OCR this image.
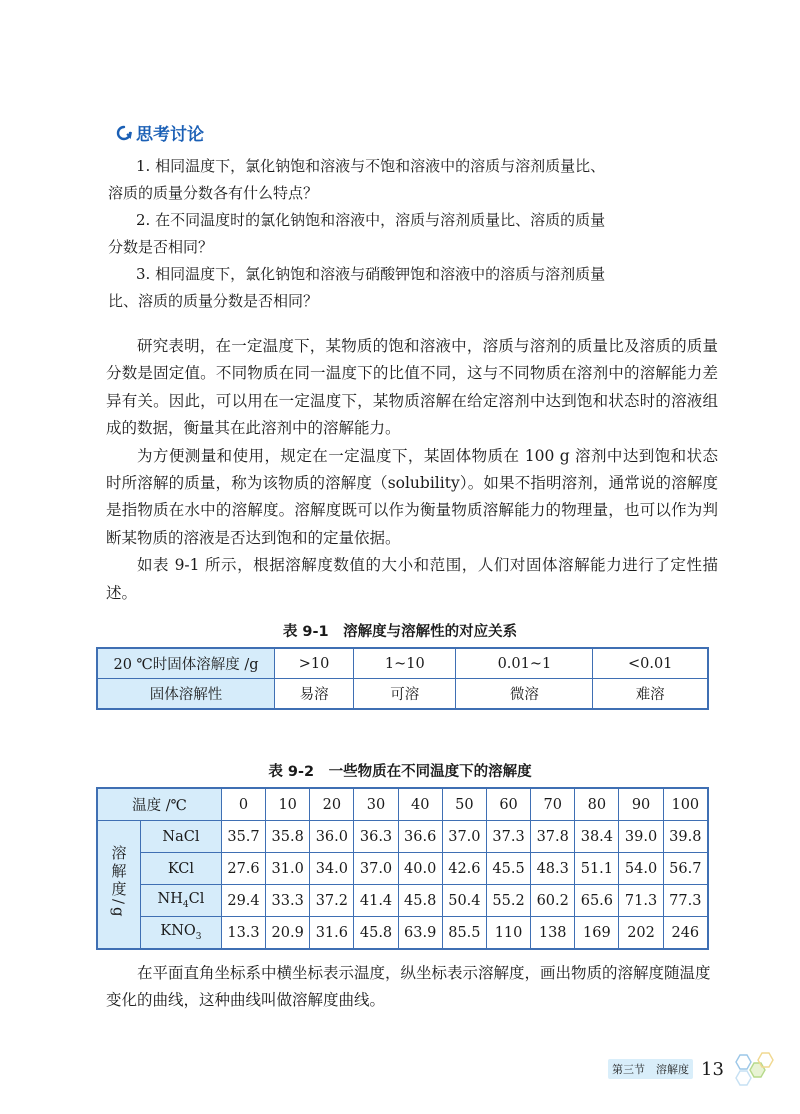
思考讨论

1. 相同温度下，氯化钠饱和溶液与不饱和溶液中的溶质与溶剂质量比、
溶质的质量分数各有什么特点？

2. 在不同温度时的氯化钠饱和溶液中，溶质与溶剂质量比、溶质的质量
分数是否相同？

3. 相同温度下，氯化钠饱和溶液与硝酸钾饱和溶液中的溶质与溶剂质量
比、溶质的质量分数是否相同？

研究表明，在一定温度下，某物质的饱和溶液中，溶质与溶剂的质量比及溶质的质量分数是固定值。不同物质在同一温度下的比值不同，这与不同物质在溶剂中的溶解能力差异有关。因此，可以用在一定温度下，某物质溶解在给定溶剂中达到饱和状态时的溶液组成的数据，衡量其在此溶剂中的溶解能力。

为方便测量和使用，规定在一定温度下，某固体物质在 100 g 溶剂中达到饱和状态时所溶解的质量，称为该物质的溶解度（solubility）。如果不指明溶剂，通常说的溶解度是指物质在水中的溶解度。溶解度既可以作为衡量物质溶解能力的物理量，也可以作为判断某物质的溶液是否达到饱和的定量依据。

如表 9-1 所示，根据溶解度数值的大小和范围，人们对固体溶解能力进行了定性描述。

表 9-1　溶解度与溶解性的对应关系
20 ℃时固体溶解度 /g	>10	1~10	0.01~1	<0.01
固体溶解性	易溶	可溶	微溶	难溶
表 9-2　一些物质在不同温度下的溶解度
温度 /℃		0	10	20	30	40	50	60	70	80	90	100
溶解度/g	NaCl	35.7	35.8	36.0	36.3	36.6	37.0	37.3	37.8	38.4	39.0	39.8
	KCl	27.6	31.0	34.0	37.0	40.0	42.6	45.5	48.3	51.1	54.0	56.7
	$NH_4Cl$	29.4	33.3	37.2	41.4	45.8	50.4	55.2	60.2	65.6	71.3	77.3
	$KNO_3$	13.3	20.9	31.6	45.8	63.9	85.5	110	138	169	202	246

在平面直角坐标系中横坐标表示温度，纵坐标表示溶解度，画出物质的溶解度随温度变化的曲线，这种曲线叫做溶解度曲线。

第三节　溶解度 13
